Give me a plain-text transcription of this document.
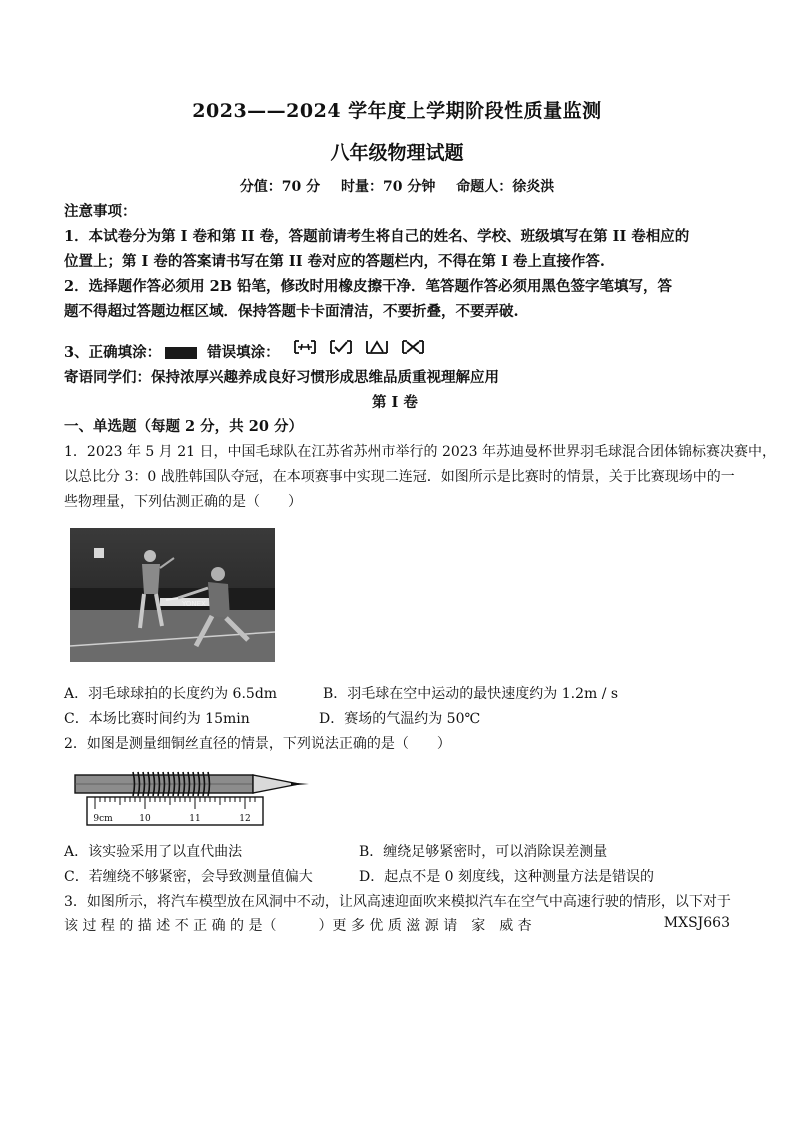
2023——2024 学年度上学期阶段性质量监测
八年级物理试题
分值：70 分 时量：70 分钟 命题人：徐炎洪
注意事项：
1．本试卷分为第 I 卷和第 II 卷，答题前请考生将自己的姓名、学校、班级填写在第 II 卷相应的
位置上；第 I 卷的答案请书写在第 II 卷对应的答题栏内，不得在第 I 卷上直接作答.
2．选择题作答必须用 2B 铅笔，修改时用橡皮擦干净．笔答题作答必须用黑色签字笔填写，答
题不得超过答题边框区域．保持答题卡卡面清洁，不要折叠，不要弄破.
3、正确填涂：	错误填涂：
寄语同学们：保持浓厚兴趣养成良好习惯形成思维品质重视理解应用
第 I 卷
一、单选题（每题 2 分，共 20 分）
1．2023 年 5 月 21 日，中国毛球队在江苏省苏州市举行的 2023 年苏迪曼杯世界羽毛球混合团体锦标赛决赛中，
以总比分 3：0 战胜韩国队夺冠，在本项赛事中实现二连冠．如图所示是比赛时的情景，关于比赛现场中的一
些物理量，下列估测正确的是（　　）
YONEX
A．羽毛球球拍的长度约为 6.5dm	B．羽毛球在空中运动的最快速度约为 1.2m / s
C．本场比赛时间约为 15min	D．赛场的气温约为 50℃
2．如图是测量细铜丝直径的情景，下列说法正确的是（　　）
9cm	10	11	12
A．该实验采用了以直代曲法	B．缠绕足够紧密时，可以消除误差测量
C．若缠绕不够紧密，会导致测量值偏大	D．起点不是 0 刻度线，这种测量方法是错误的
3．如图所示，将汽车模型放在风洞中不动，让风高速迎面吹来模拟汽车在空气中高速行驶的情形，以下对于
该 过 程 的 描 述 不 正 确 的 是（　　　）更 多 优 质 滋 源 请　家　威 杏	MXSJ663
